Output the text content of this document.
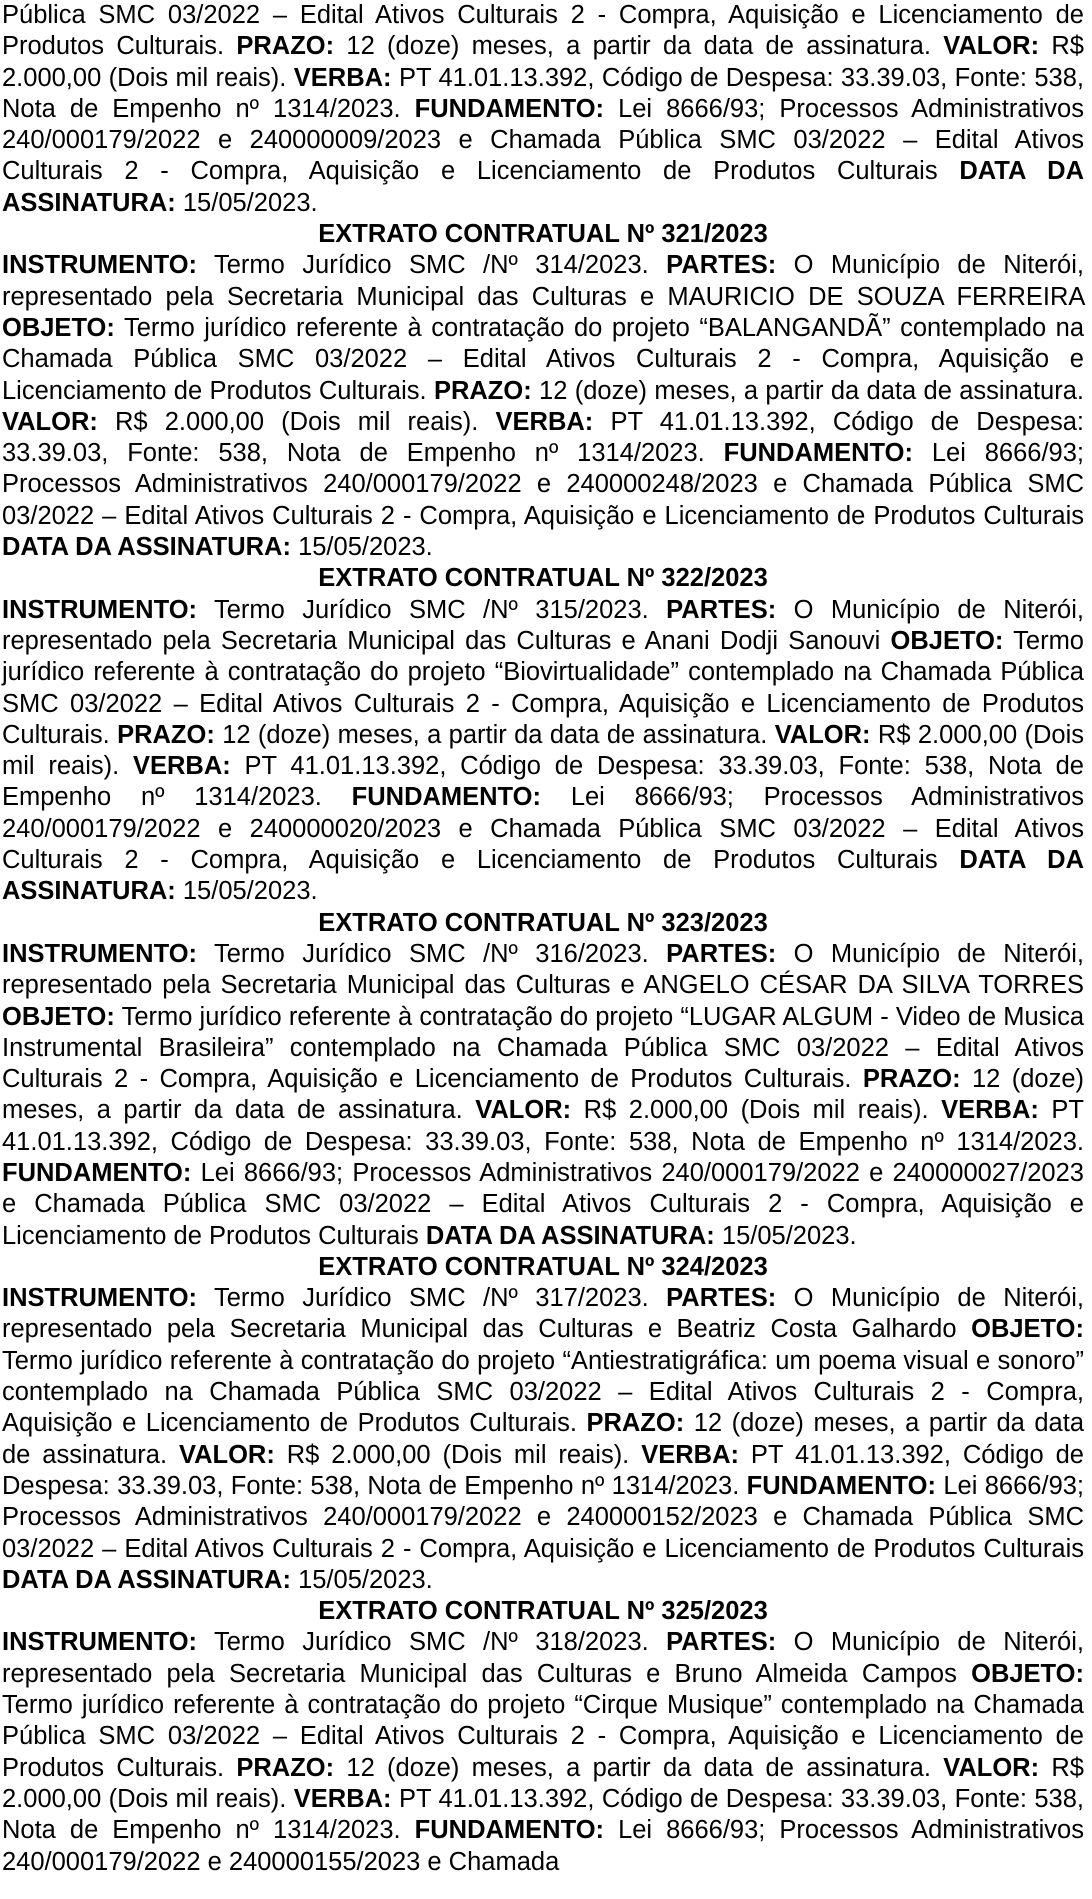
Pública SMC 03/2022 – Edital Ativos Culturais 2 - Compra, Aquisição e Licenciamento de Produtos Culturais. PRAZO: 12 (doze) meses, a partir da data de assinatura. VALOR: R$ 2.000,00 (Dois mil reais). VERBA: PT 41.01.13.392, Código de Despesa: 33.39.03, Fonte: 538, Nota de Empenho nº 1314/2023. FUNDAMENTO: Lei 8666/93; Processos Administrativos 240/000179/2022 e 240000009/2023 e Chamada Pública SMC 03/2022 – Edital Ativos Culturais 2 - Compra, Aquisição e Licenciamento de Produtos Culturais DATA DA ASSINATURA: 15/05/2023.

EXTRATO CONTRATUAL Nº 321/2023

INSTRUMENTO: Termo Jurídico SMC /Nº 314/2023. PARTES: O Município de Niterói, representado pela Secretaria Municipal das Culturas e MAURICIO DE SOUZA FERREIRA OBJETO: Termo jurídico referente à contratação do projeto “BALANGANDÃ” contemplado na Chamada Pública SMC 03/2022 – Edital Ativos Culturais 2 - Compra, Aquisição e Licenciamento de Produtos Culturais. PRAZO: 12 (doze) meses, a partir da data de assinatura. VALOR: R$ 2.000,00 (Dois mil reais). VERBA: PT 41.01.13.392, Código de Despesa: 33.39.03, Fonte: 538, Nota de Empenho nº 1314/2023. FUNDAMENTO: Lei 8666/93; Processos Administrativos 240/000179/2022 e 240000248/2023 e Chamada Pública SMC 03/2022 – Edital Ativos Culturais 2 - Compra, Aquisição e Licenciamento de Produtos Culturais DATA DA ASSINATURA: 15/05/2023.

EXTRATO CONTRATUAL Nº 322/2023

INSTRUMENTO: Termo Jurídico SMC /Nº 315/2023. PARTES: O Município de Niterói, representado pela Secretaria Municipal das Culturas e Anani Dodji Sanouvi OBJETO: Termo jurídico referente à contratação do projeto “Biovirtualidade” contemplado na Chamada Pública SMC 03/2022 – Edital Ativos Culturais 2 - Compra, Aquisição e Licenciamento de Produtos Culturais. PRAZO: 12 (doze) meses, a partir da data de assinatura. VALOR: R$ 2.000,00 (Dois mil reais). VERBA: PT 41.01.13.392, Código de Despesa: 33.39.03, Fonte: 538, Nota de Empenho nº 1314/2023. FUNDAMENTO: Lei 8666/93; Processos Administrativos 240/000179/2022 e 240000020/2023 e Chamada Pública SMC 03/2022 – Edital Ativos Culturais 2 - Compra, Aquisição e Licenciamento de Produtos Culturais DATA DA ASSINATURA: 15/05/2023.

EXTRATO CONTRATUAL Nº 323/2023

INSTRUMENTO: Termo Jurídico SMC /Nº 316/2023. PARTES: O Município de Niterói, representado pela Secretaria Municipal das Culturas e ANGELO CÉSAR DA SILVA TORRES OBJETO: Termo jurídico referente à contratação do projeto “LUGAR ALGUM - Video de Musica Instrumental Brasileira” contemplado na Chamada Pública SMC 03/2022 – Edital Ativos Culturais 2 - Compra, Aquisição e Licenciamento de Produtos Culturais. PRAZO: 12 (doze) meses, a partir da data de assinatura. VALOR: R$ 2.000,00 (Dois mil reais). VERBA: PT 41.01.13.392, Código de Despesa: 33.39.03, Fonte: 538, Nota de Empenho nº 1314/2023. FUNDAMENTO: Lei 8666/93; Processos Administrativos 240/000179/2022 e 240000027/2023 e Chamada Pública SMC 03/2022 – Edital Ativos Culturais 2 - Compra, Aquisição e Licenciamento de Produtos Culturais DATA DA ASSINATURA: 15/05/2023.

EXTRATO CONTRATUAL Nº 324/2023

INSTRUMENTO: Termo Jurídico SMC /Nº 317/2023. PARTES: O Município de Niterói, representado pela Secretaria Municipal das Culturas e Beatriz Costa Galhardo OBJETO: Termo jurídico referente à contratação do projeto “Antiestratigráfica: um poema visual e sonoro” contemplado na Chamada Pública SMC 03/2022 – Edital Ativos Culturais 2 - Compra, Aquisição e Licenciamento de Produtos Culturais. PRAZO: 12 (doze) meses, a partir da data de assinatura. VALOR: R$ 2.000,00 (Dois mil reais). VERBA: PT 41.01.13.392, Código de Despesa: 33.39.03, Fonte: 538, Nota de Empenho nº 1314/2023. FUNDAMENTO: Lei 8666/93; Processos Administrativos 240/000179/2022 e 240000152/2023 e Chamada Pública SMC 03/2022 – Edital Ativos Culturais 2 - Compra, Aquisição e Licenciamento de Produtos Culturais DATA DA ASSINATURA: 15/05/2023.

EXTRATO CONTRATUAL Nº 325/2023

INSTRUMENTO: Termo Jurídico SMC /Nº 318/2023. PARTES: O Município de Niterói, representado pela Secretaria Municipal das Culturas e Bruno Almeida Campos OBJETO: Termo jurídico referente à contratação do projeto “Cirque Musique” contemplado na Chamada Pública SMC 03/2022 – Edital Ativos Culturais 2 - Compra, Aquisição e Licenciamento de Produtos Culturais. PRAZO: 12 (doze) meses, a partir da data de assinatura. VALOR: R$ 2.000,00 (Dois mil reais). VERBA: PT 41.01.13.392, Código de Despesa: 33.39.03, Fonte: 538, Nota de Empenho nº 1314/2023. FUNDAMENTO: Lei 8666/93; Processos Administrativos 240/000179/2022 e 240000155/2023 e Chamada
